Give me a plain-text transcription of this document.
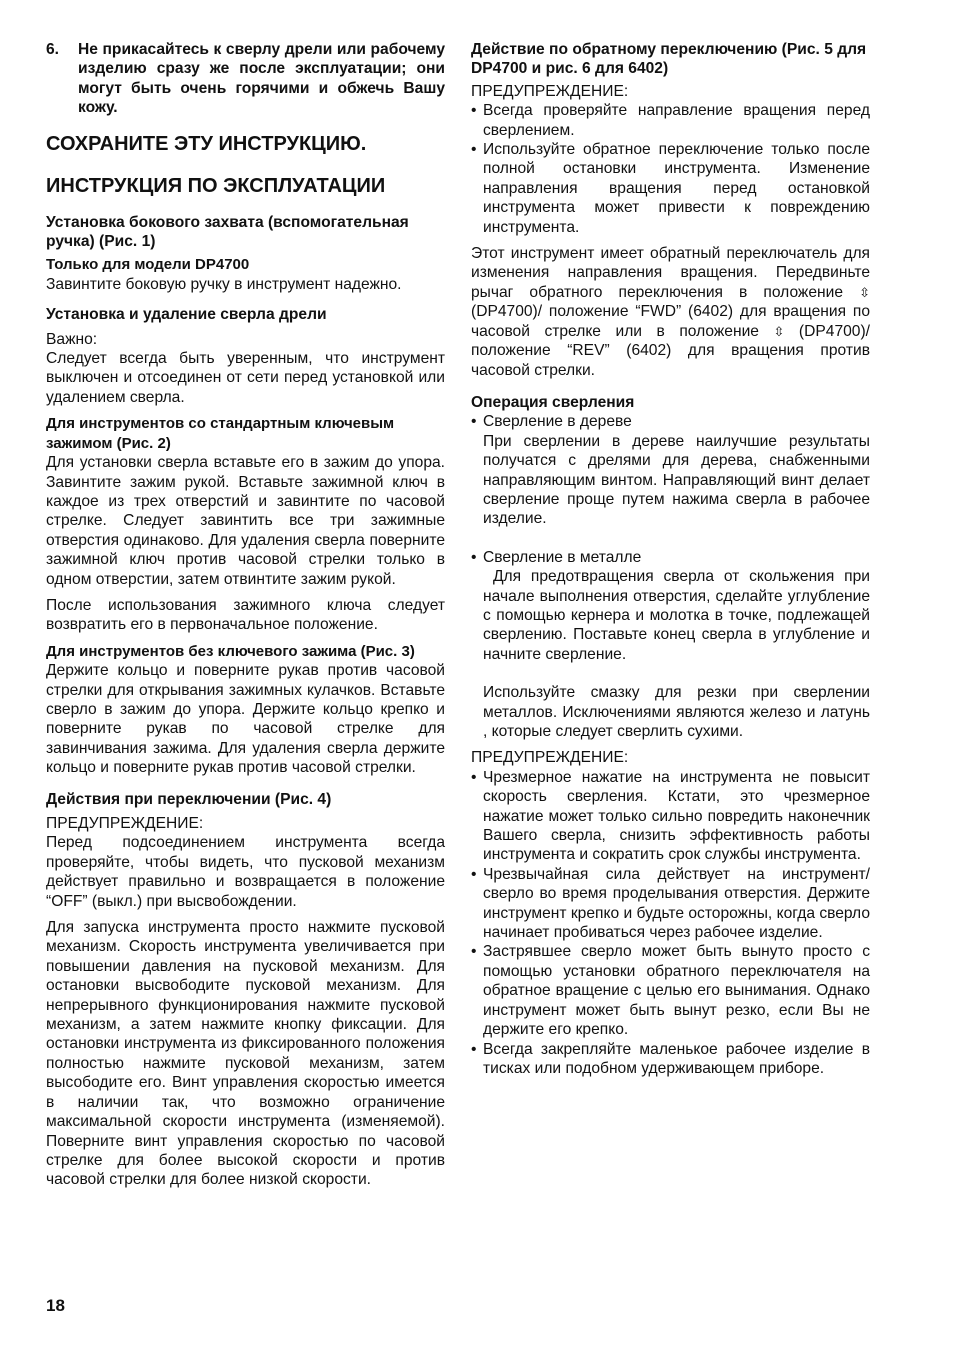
6.	Не прикасайтесь к сверлу дрели или рабочему изделию сразу же после эксплуатации; они могут быть очень горячими и обжечь Вашу кожу.

СОХРАНИТЕ ЭТУ ИНСТРУКЦИЮ.

ИНСТРУКЦИЯ ПО ЭКСПЛУАТАЦИИ

Установка бокового захвата (вспомогательная ручка) (Рис. 1)

Только для модели DP4700

Завинтите боковую ручку в инструмент надежно.

Установка и удаление сверла дрели

Важно:

Следует всегда быть уверенным, что инструмент выключен и отсоединен от сети перед установкой или удалением сверла.

Для инструментов со стандартным ключевым зажимом (Рис. 2)

Для установки сверла вставьте его в зажим до упора. Завинтите зажим рукой. Вставьте зажимной ключ в каждое из трех отверстий и завинтите по часовой стрелке. Следует завинтить все три зажимные отверстия одинаково. Для удаления сверла поверните зажимной ключ против часовой стрелки только в одном отверстии, затем отвинтите зажим рукой.

После использования зажимного ключа следует возвратить его в первоначальное положение.

Для инструментов без ключевого зажима (Рис. 3)

Держите кольцо и поверните рукав против часовой стрелки для открывания зажимных кулачков. Вставьте сверло в зажим до упора. Держите кольцо крепко и поверните рукав по часовой стрелке для завинчивания зажима. Для удаления сверла держите кольцо и поверните рукав против часовой стрелки.

Действия при переключении (Рис. 4)

ПРЕДУПРЕЖДЕНИЕ:

Перед подсоединением инструмента всегда проверяйте, чтобы видеть, что пусковой механизм действует правильно и возвращается в положение “OFF” (выкл.) при высвобождении.

Для запуска инструмента просто нажмите пусковой механизм. Скорость инструмента увеличивается при повышении давления на пусковой механизм. Для остановки высвободите пусковой механизм. Для непрерывного функционирования нажмите пусковой механизм, а затем нажмите кнопку фиксации. Для остановки инструмента из фиксированного положения полностью нажмите пусковой механизм, затем высободите его. Винт управления скоростью имеется в наличии так, что возможно ограничение максимальной скорости инструмента (изменяемой). Поверните винт управления скоростью по часовой стрелке для более высокой скорости и против часовой стрелки для более низкой скорости.

Действие по обратному переключению (Рис. 5 для DP4700 и рис. 6 для 6402)

ПРЕДУПРЕЖДЕНИЕ:

• Всегда проверяйте направление вращения перед сверлением.
• Используйте обратное переключение только после полной остановки инструмента. Изменение направления вращения перед остановкой инструмента может привести к повреждению инструмента.

Этот инструмент имеет обратный переключатель для изменения направления вращения. Передвиньте рычаг обратного переключения в положение ⇳ (DP4700)/ положение “FWD” (6402) для вращения по часовой стрелке или в положение ⇳ (DP4700)/ положение “REV” (6402) для вращения против часовой стрелки.

Операция сверления

• Сверление в дереве

При сверлении в дереве наилучшие результаты получатся с дрелями для дерева, снабженными направляющим винтом. Направляющий винт делает сверление проще путем нажима сверла в рабочее изделие.

• Сверление в металле

Для предотвращения сверла от скольжения при начале выполнения отверстия, сделайте углубление с помощью кернера и молотка в точке, подлежащей сверлению. Поставьте конец сверла в углубление и начните сверление.

Используйте смазку для резки при сверлении металлов. Исключениями являются железо и латунь , которые следует сверлить сухими.

ПРЕДУПРЕЖДЕНИЕ:

• Чрезмерное нажатие на инструмента не повысит скорость сверления. Кстати, это чрезмерное нажатие может только сильно повредить наконечник Вашего сверла, снизить эффективность работы инструмента и сократить срок службы инструмента.
• Чрезвычайная сила действует на инструмент/ сверло во время проделывания отверстия. Держите инструмент крепко и будьте осторожны, когда сверло начинает пробиваться через рабочее изделие.
• Застрявшее сверло может быть вынуто просто с помощью установки обратного переключателя на обратное вращение с целью его вынимания. Однако инструмент может быть вынут резко, если Вы не держите его крепко.
• Всегда закрепляйте маленькое рабочее изделие в тисках или подобном удерживающем приборе.
18
